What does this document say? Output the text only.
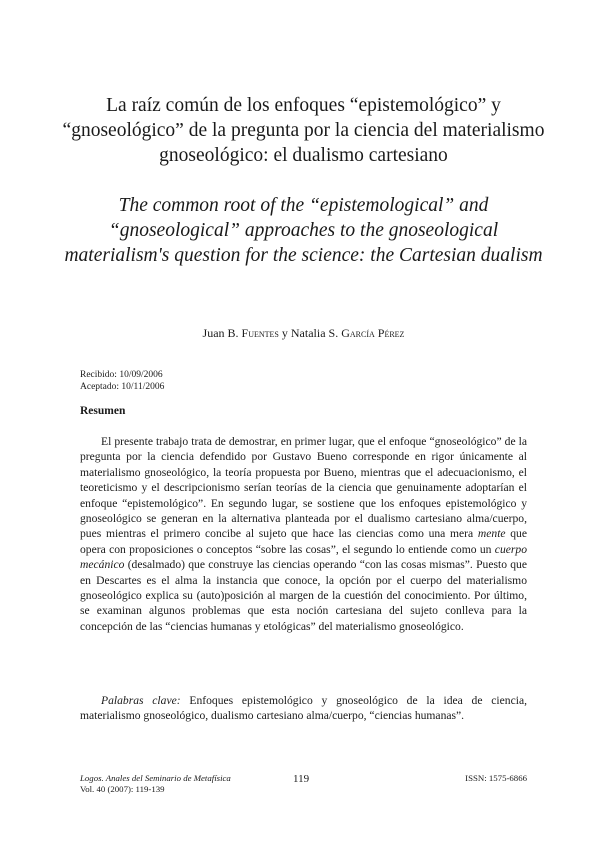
La raíz común de los enfoques “epistemológico” y “gnoseológico” de la pregunta por la ciencia del materialismo gnoseológico: el dualismo cartesiano
The common root of the “epistemological” and “gnoseological” approaches to the gnoseological materialism's question for the science: the Cartesian dualism
Juan B. Fuentes y Natalia S. García Pérez
Recibido: 10/09/2006
Aceptado: 10/11/2006
Resumen

El presente trabajo trata de demostrar, en primer lugar, que el enfoque “gnoseológico” de la pregunta por la ciencia defendido por Gustavo Bueno corresponde en rigor únicamente al materialismo gnoseológico, la teoría propuesta por Bueno, mientras que el adecuacionismo, el teoreticismo y el descripcionismo serían teorías de la ciencia que genuinamente adoptarían el enfoque “epistemológico”. En segundo lugar, se sostiene que los enfoques epistemológico y gnoseológico se generan en la alternativa planteada por el dualismo cartesiano alma/cuerpo, pues mientras el primero concibe al sujeto que hace las ciencias como una mera mente que opera con proposiciones o conceptos “sobre las cosas”, el segundo lo entiende como un cuerpo mecánico (desalmado) que construye las ciencias operando “con las cosas mismas”. Puesto que en Descartes es el alma la instancia que conoce, la opción por el cuerpo del materialismo gnoseológico explica su (auto)posición al margen de la cuestión del conocimiento. Por último, se examinan algunos problemas que esta noción cartesiana del sujeto conlleva para la concepción de las “ciencias humanas y etológicas” del materialismo gnoseológico.

Palabras clave: Enfoques epistemológico y gnoseológico de la idea de ciencia, materialismo gnoseológico, dualismo cartesiano alma/cuerpo, “ciencias humanas”.

Logos. Anales del Seminario de Metafísica
Vol. 40 (2007): 119-139
119	ISSN: 1575-6866
